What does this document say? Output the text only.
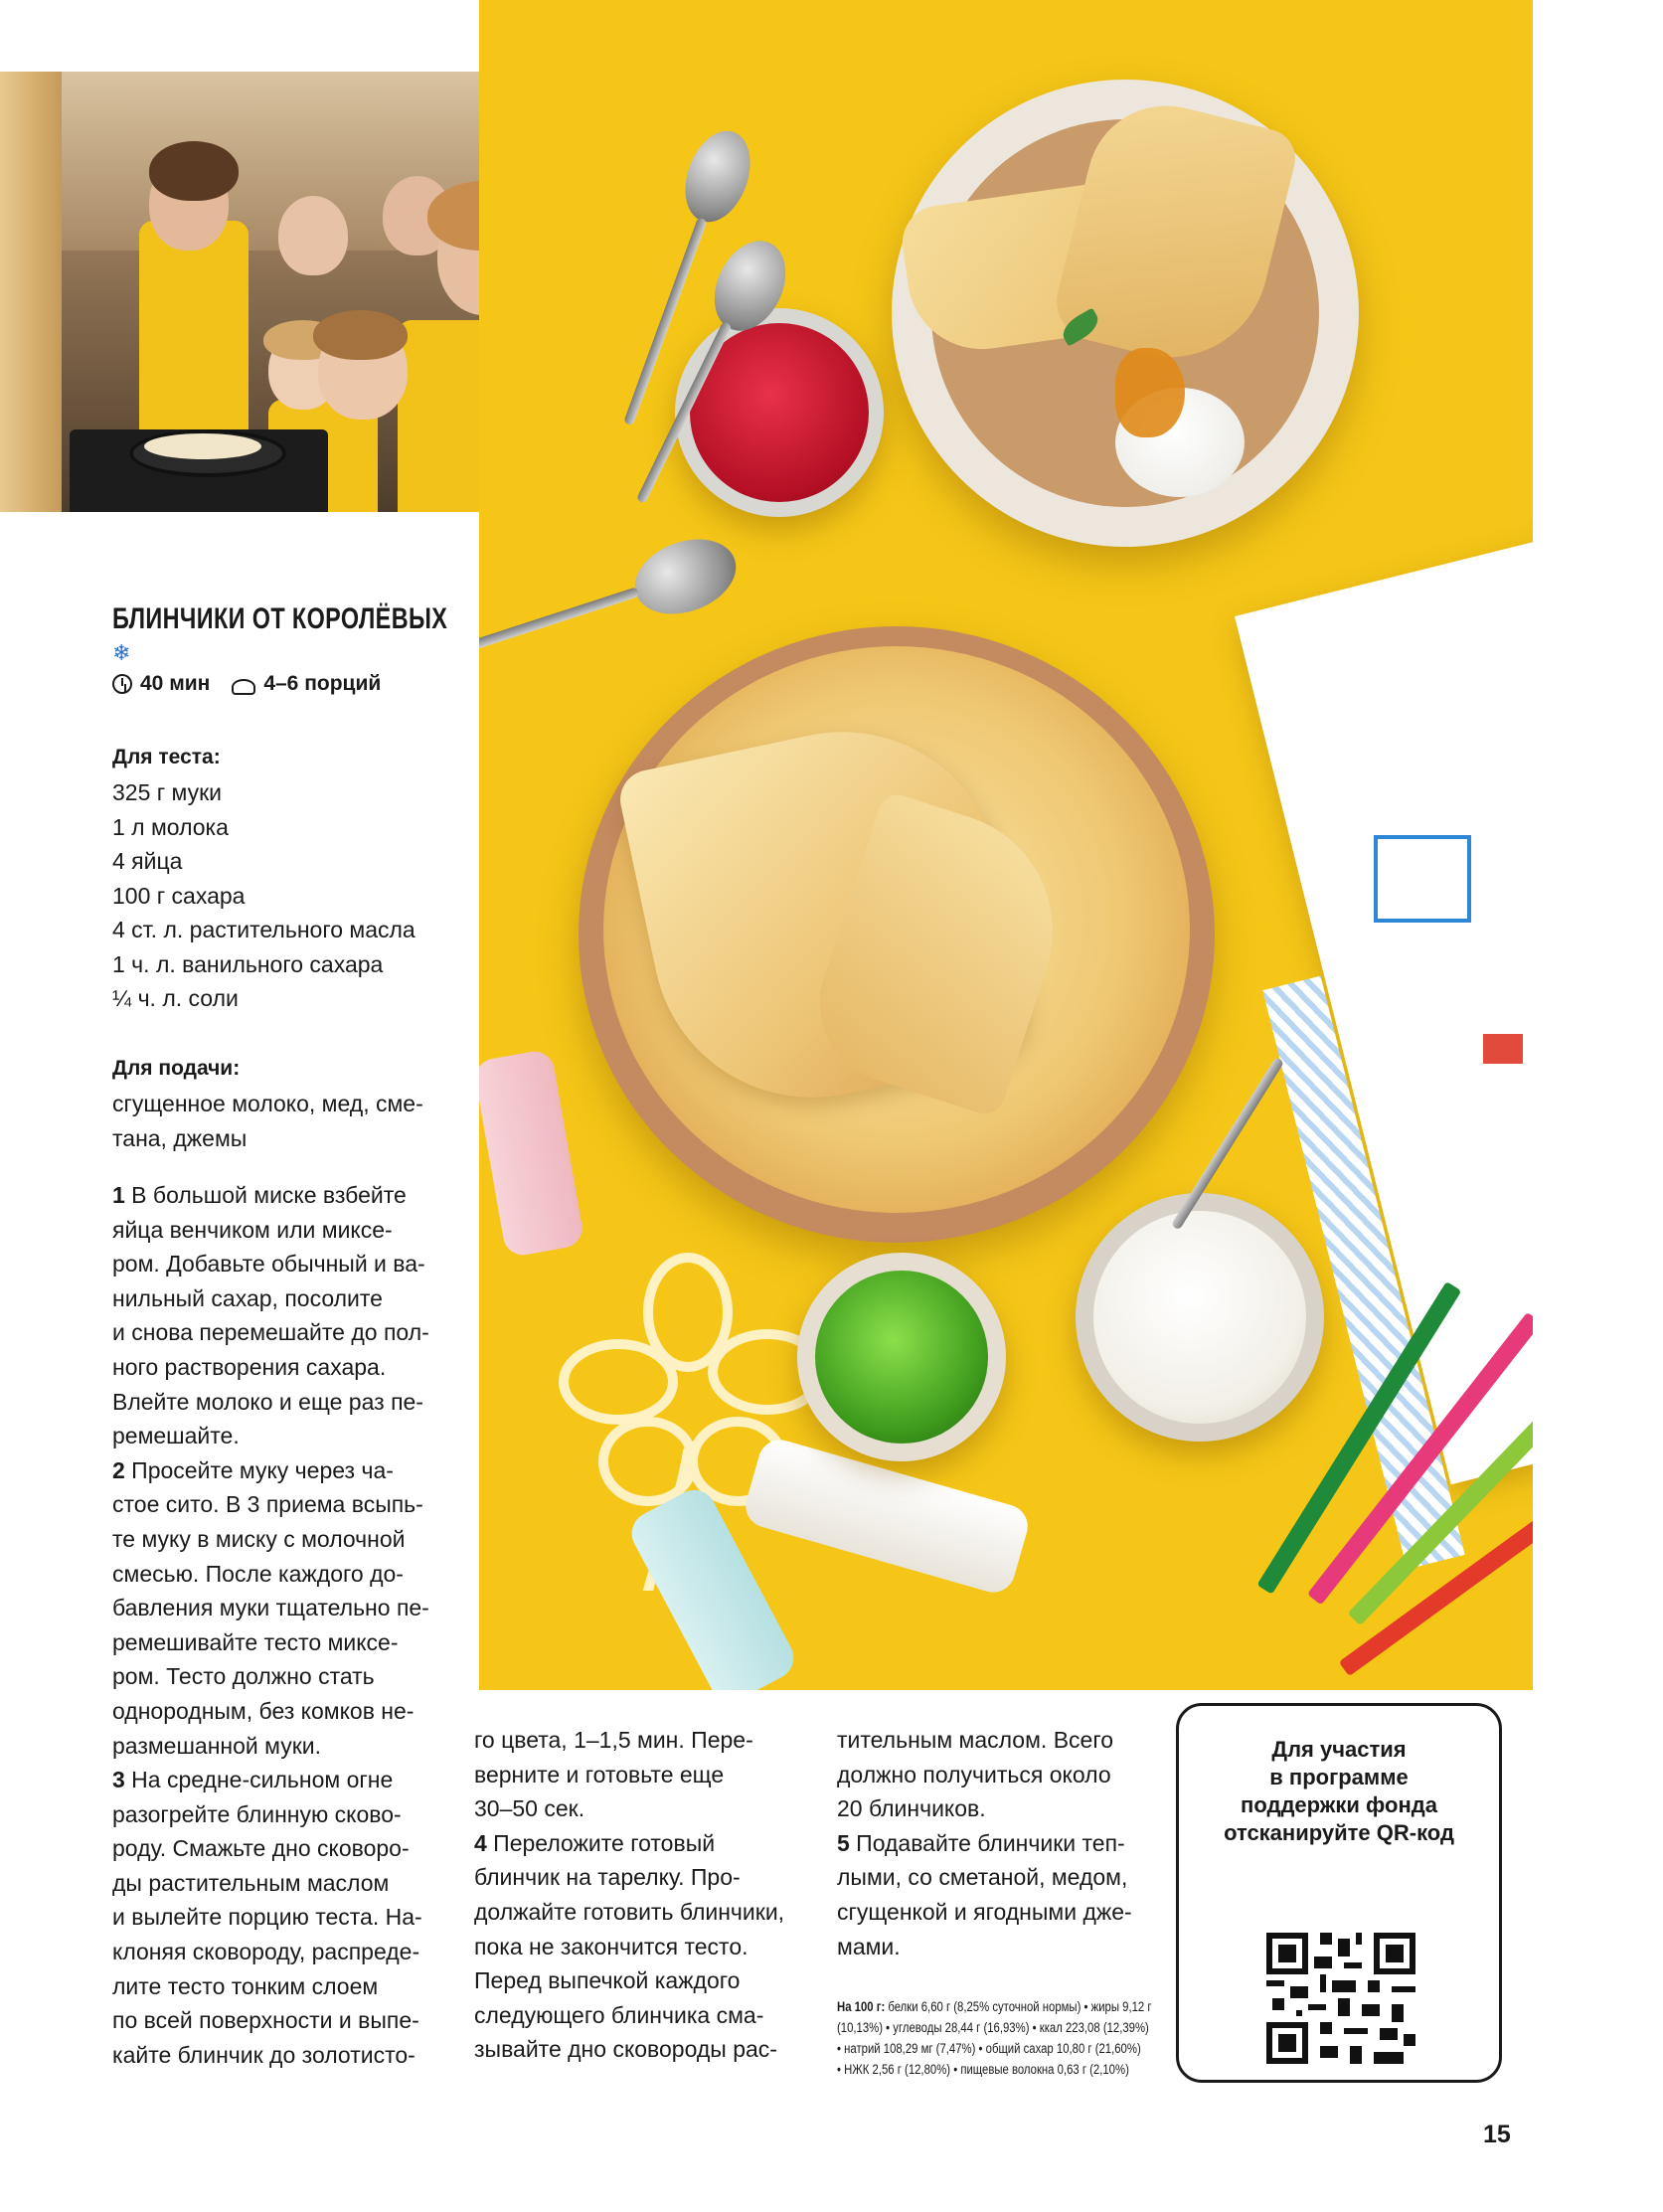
БЛИНЧИКИ ОТ КОРОЛЁВЫХ
❄
40 мин	4–6 порций
Для теста:
325 г муки
1 л молока
4 яйца
100 г сахара
4 ст. л. растительного масла
1 ч. л. ванильного сахара
¼ ч. л. соли
Для подачи:
сгущенное молоко, мед, сме-
тана, джемы
1 В большой миске взбейте
яйца венчиком или миксе-
ром. Добавьте обычный и ва-
нильный сахар, посолите
и снова перемешайте до пол-
ного растворения сахара.
Влейте молоко и еще раз пе-
ремешайте.
2 Просейте муку через ча-
стое сито. В 3 приема всыпь-
те муку в миску с молочной
смесью. После каждого до-
бавления муки тщательно пе-
ремешивайте тесто миксе-
ром. Тесто должно стать
однородным, без комков не-
размешанной муки.
3 На средне-сильном огне
разогрейте блинную сково-
роду. Смажьте дно сковоро-
ды растительным маслом
и вылейте порцию теста. На-
клоняя сковороду, распреде-
лите тесто тонким слоем
по всей поверхности и выпе-
кайте блинчик до золотисто-
го цвета, 1–1,5 мин. Пере-
верните и готовьте еще
30–50 сек.
4 Переложите готовый
блинчик на тарелку. Про-
должайте готовить блинчики,
пока не закончится тесто.
Перед выпечкой каждого
следующего блинчика сма-
зывайте дно сковороды рас-
тительным маслом. Всего
должно получиться около
20 блинчиков.
5 Подавайте блинчики теп-
лыми, со сметаной, медом,
сгущенкой и ягодными дже-
мами.
На 100 г: белки 6,60 г (8,25% суточной нормы) • жиры 9,12 г
(10,13%) • углеводы 28,44 г (16,93%) • ккал 223,08 (12,39%)
• натрий 108,29 мг (7,47%) • общий сахар 10,80 г (21,60%)
• НЖК 2,56 г (12,80%) • пищевые волокна 0,63 г (2,10%)
Для участия
в программе
поддержки фонда
отсканируйте QR-код
15
